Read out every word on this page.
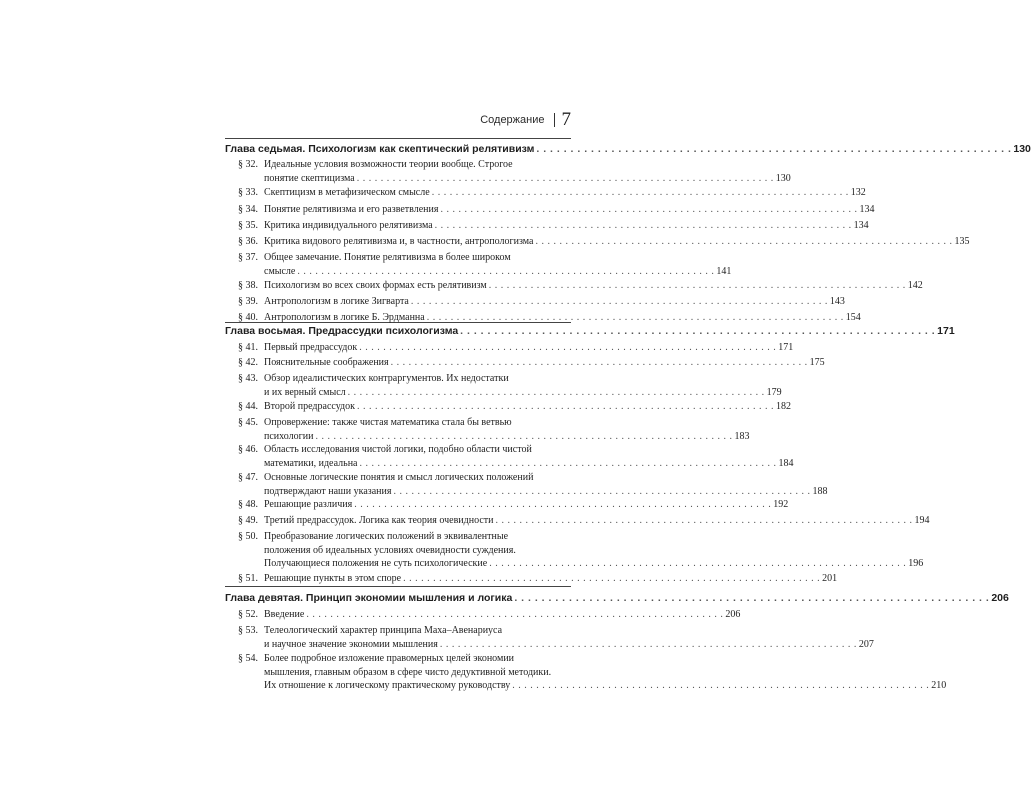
Содержание 7
Глава седьмая. Психологизм как скептический релятивизм . . .	130
§ 32. Идеальные условия возможности теории вообще. Строгое
понятие скептицизма . . .	130
§ 33. Скептицизм в метафизическом смысле . . .	132
§ 34. Понятие релятивизма и его разветвления . . .	134
§ 35. Критика индивидуального релятивизма . . .	134
§ 36. Критика видового релятивизма и, в частности, антропологизма . . .	135
§ 37. Общее замечание. Понятие релятивизма в более широком
смысле . . .	141
§ 38. Психологизм во всех своих формах есть релятивизм . . .	142
§ 39. Антропологизм в логике Зигварта . . .	143
§ 40. Антропологизм в логике Б. Эрдманна . . .	154
Глава восьмая. Предрассудки психологизма . . .	171
§ 41. Первый предрассудок . . .	171
§ 42. Пояснительные соображения . . .	175
§ 43. Обзор идеалистических контраргументов. Их недостатки
и их верный смысл . . .	179
§ 44. Второй предрассудок . . .	182
§ 45. Опровержение: также чистая математика стала бы ветвью
психологии . . .	183
§ 46. Область исследования чистой логики, подобно области чистой
математики, идеальна . . .	184
§ 47. Основные логические понятия и смысл логических положений
подтверждают наши указания . . .	188
§ 48. Решающие различия . . .	192
§ 49. Третий предрассудок. Логика как теория очевидности . . .	194
§ 50. Преобразование логических положений в эквивалентные
положения об идеальных условиях очевидности суждения.
Получающиеся положения не суть психологические . . .	196
§ 51. Решающие пункты в этом споре . . .	201
Глава девятая. Принцип экономии мышления и логика . . .	206
§ 52. Введение . . .	206
§ 53. Телеологический характер принципа Маха–Авенариуса
и научное значение экономии мышления . . .	207
§ 54. Более подробное изложение правомерных целей экономии
мышления, главным образом в сфере чисто дедуктивной методики.
Их отношение к логическому практическому руководству . . .	210
